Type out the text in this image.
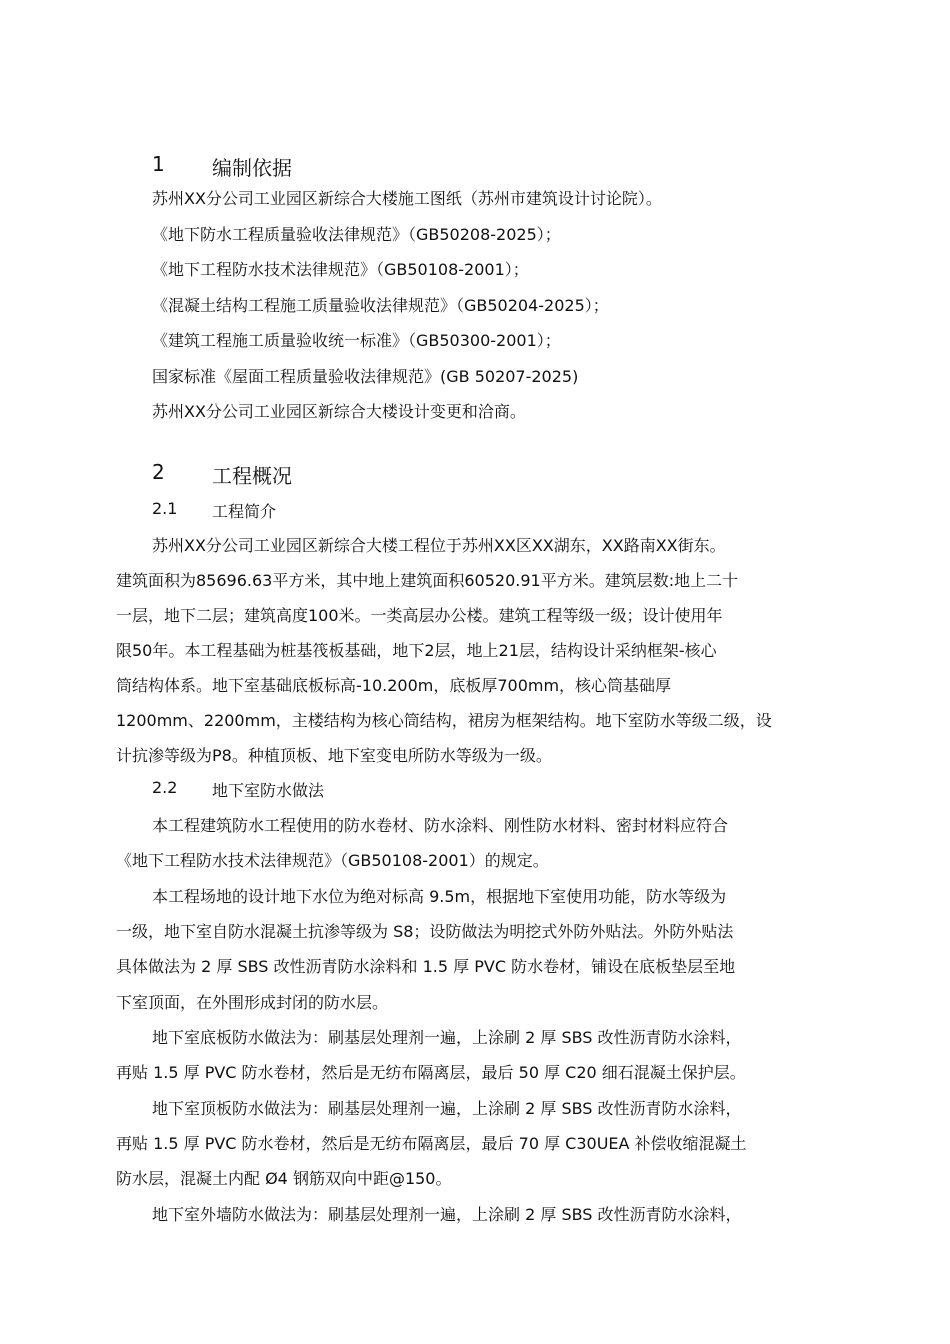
1 编制依据
苏州XX分公司工业园区新综合大楼施工图纸（苏州市建筑设计讨论院）。
《地下防水工程质量验收法律规范》（GB50208-2025）；
《地下工程防水技术法律规范》（GB50108-2001）；
《混凝土结构工程施工质量验收法律规范》（GB50204-2025）；
《建筑工程施工质量验收统一标准》（GB50300-2001）；
国家标准《屋面工程质量验收法律规范》(GB 50207-2025)
苏州XX分公司工业园区新综合大楼设计变更和洽商。
2 工程概况
2.1 工程简介
苏州XX分公司工业园区新综合大楼工程位于苏州XX区XX湖东，XX路南XX街东。
建筑面积为85696.63平方米，其中地上建筑面积60520.91平方米。建筑层数:地上二十
一层，地下二层；建筑高度100米。一类高层办公楼。建筑工程等级一级；设计使用年
限50年。本工程基础为桩基筏板基础，地下2层，地上21层，结构设计采纳框架-核心
筒结构体系。地下室基础底板标高-10.200m，底板厚700mm，核心筒基础厚
1200mm、2200mm，主楼结构为核心筒结构，裙房为框架结构。地下室防水等级二级，设
计抗渗等级为P8。种植顶板、地下室变电所防水等级为一级。
2.2 地下室防水做法
本工程建筑防水工程使用的防水卷材、防水涂料、刚性防水材料、密封材料应符合
《地下工程防水技术法律规范》（GB50108-2001）的规定。
本工程场地的设计地下水位为绝对标高 9.5m，根据地下室使用功能，防水等级为
一级，地下室自防水混凝土抗渗等级为 S8；设防做法为明挖式外防外贴法。外防外贴法
具体做法为 2 厚 SBS 改性沥青防水涂料和 1.5 厚 PVC 防水卷材，铺设在底板垫层至地
下室顶面，在外围形成封闭的防水层。
地下室底板防水做法为：刷基层处理剂一遍，上涂刷 2 厚 SBS 改性沥青防水涂料，
再贴 1.5 厚 PVC 防水卷材，然后是无纺布隔离层，最后 50 厚 C20 细石混凝土保护层。
地下室顶板防水做法为：刷基层处理剂一遍，上涂刷 2 厚 SBS 改性沥青防水涂料，
再贴 1.5 厚 PVC 防水卷材，然后是无纺布隔离层，最后 70 厚 C30UEA 补偿收缩混凝土
防水层，混凝土内配 Ø4 钢筋双向中距@150。
地下室外墙防水做法为：刷基层处理剂一遍，上涂刷 2 厚 SBS 改性沥青防水涂料，
